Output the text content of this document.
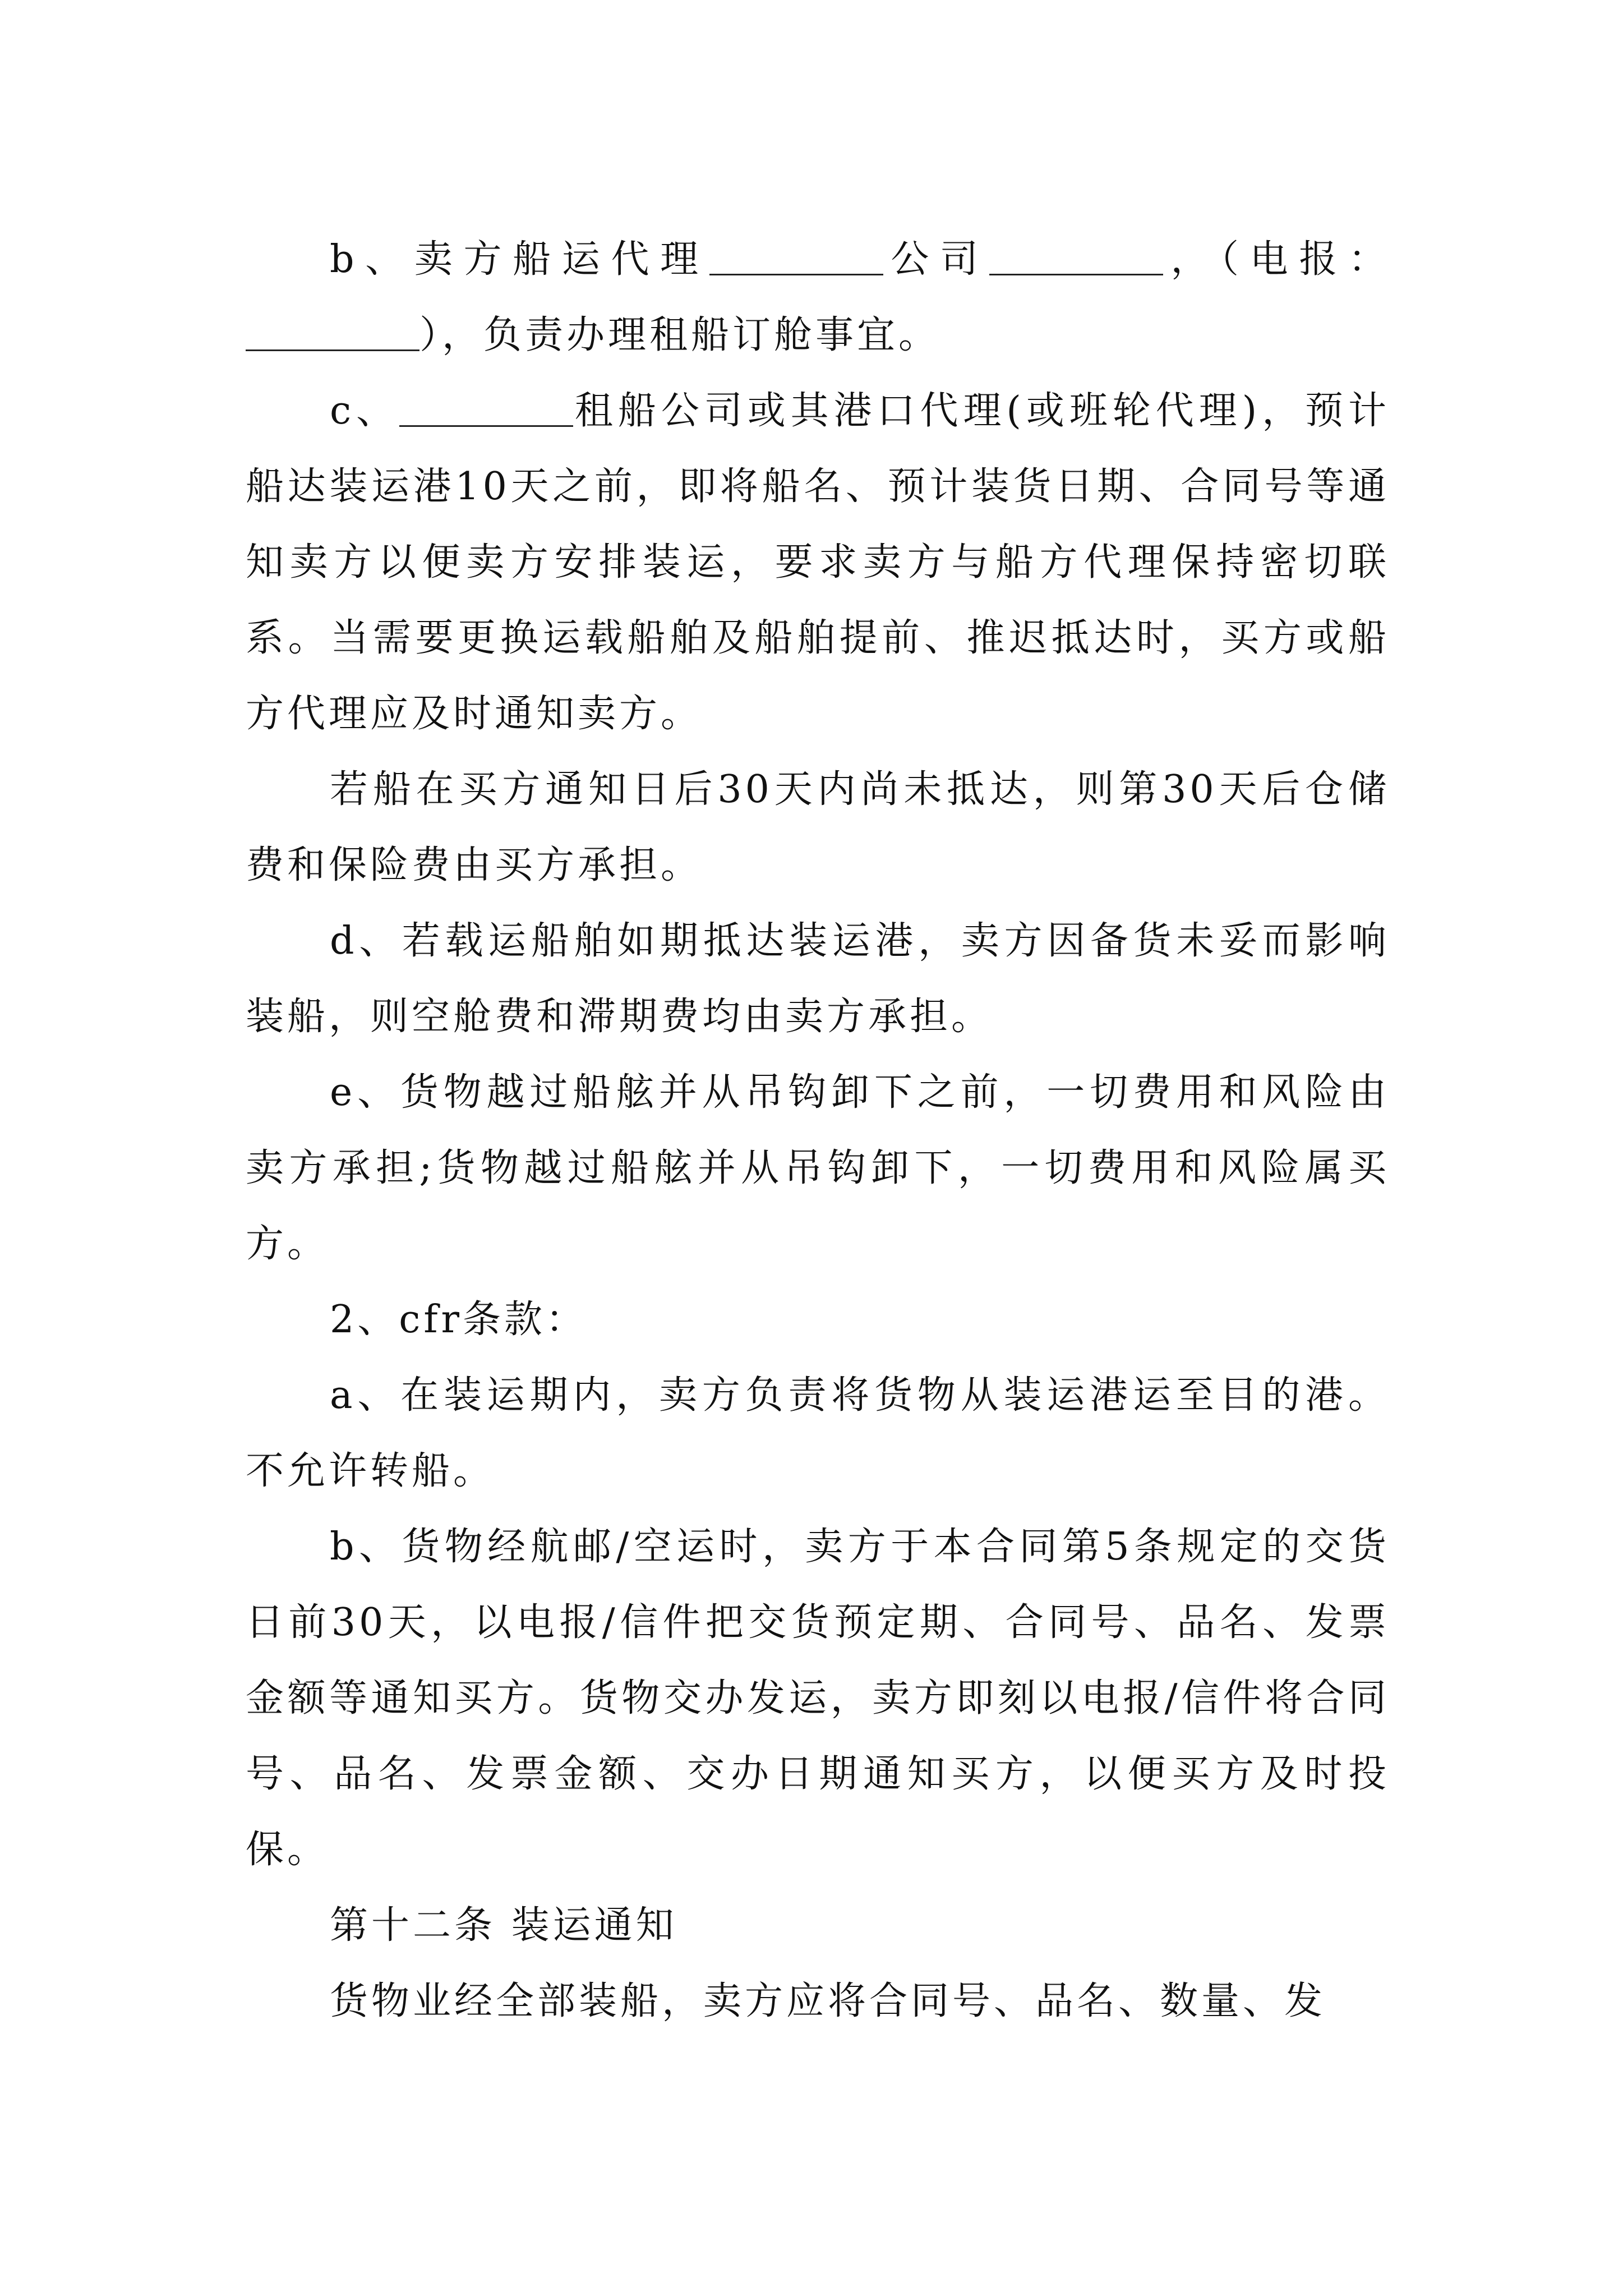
b、卖方船运代理	公司	，（电报：），负责办理租船订舱事宜。

c、	租船公司或其港口代理(或班轮代理)，预计船达装运港10天之前，即将船名、预计装货日期、合同号等通知卖方以便卖方安排装运，要求卖方与船方代理保持密切联系。当需要更换运载船舶及船舶提前、推迟抵达时，买方或船方代理应及时通知卖方。

若船在买方通知日后30天内尚未抵达，则第30天后仓储费和保险费由买方承担。

d、若载运船舶如期抵达装运港，卖方因备货未妥而影响装船，则空舱费和滞期费均由卖方承担。

e、货物越过船舷并从吊钩卸下之前，一切费用和风险由卖方承担;货物越过船舷并从吊钩卸下，一切费用和风险属买方。

2、cfr条款：

a、在装运期内，卖方负责将货物从装运港运至目的港。不允许转船。

b、货物经航邮/空运时，卖方于本合同第5条规定的交货日前30天，以电报/信件把交货预定期、合同号、品名、发票金额等通知买方。货物交办发运，卖方即刻以电报/信件将合同号、品名、发票金额、交办日期通知买方，以便买方及时投保。

第十二条 装运通知

货物业经全部装船，卖方应将合同号、品名、数量、发
